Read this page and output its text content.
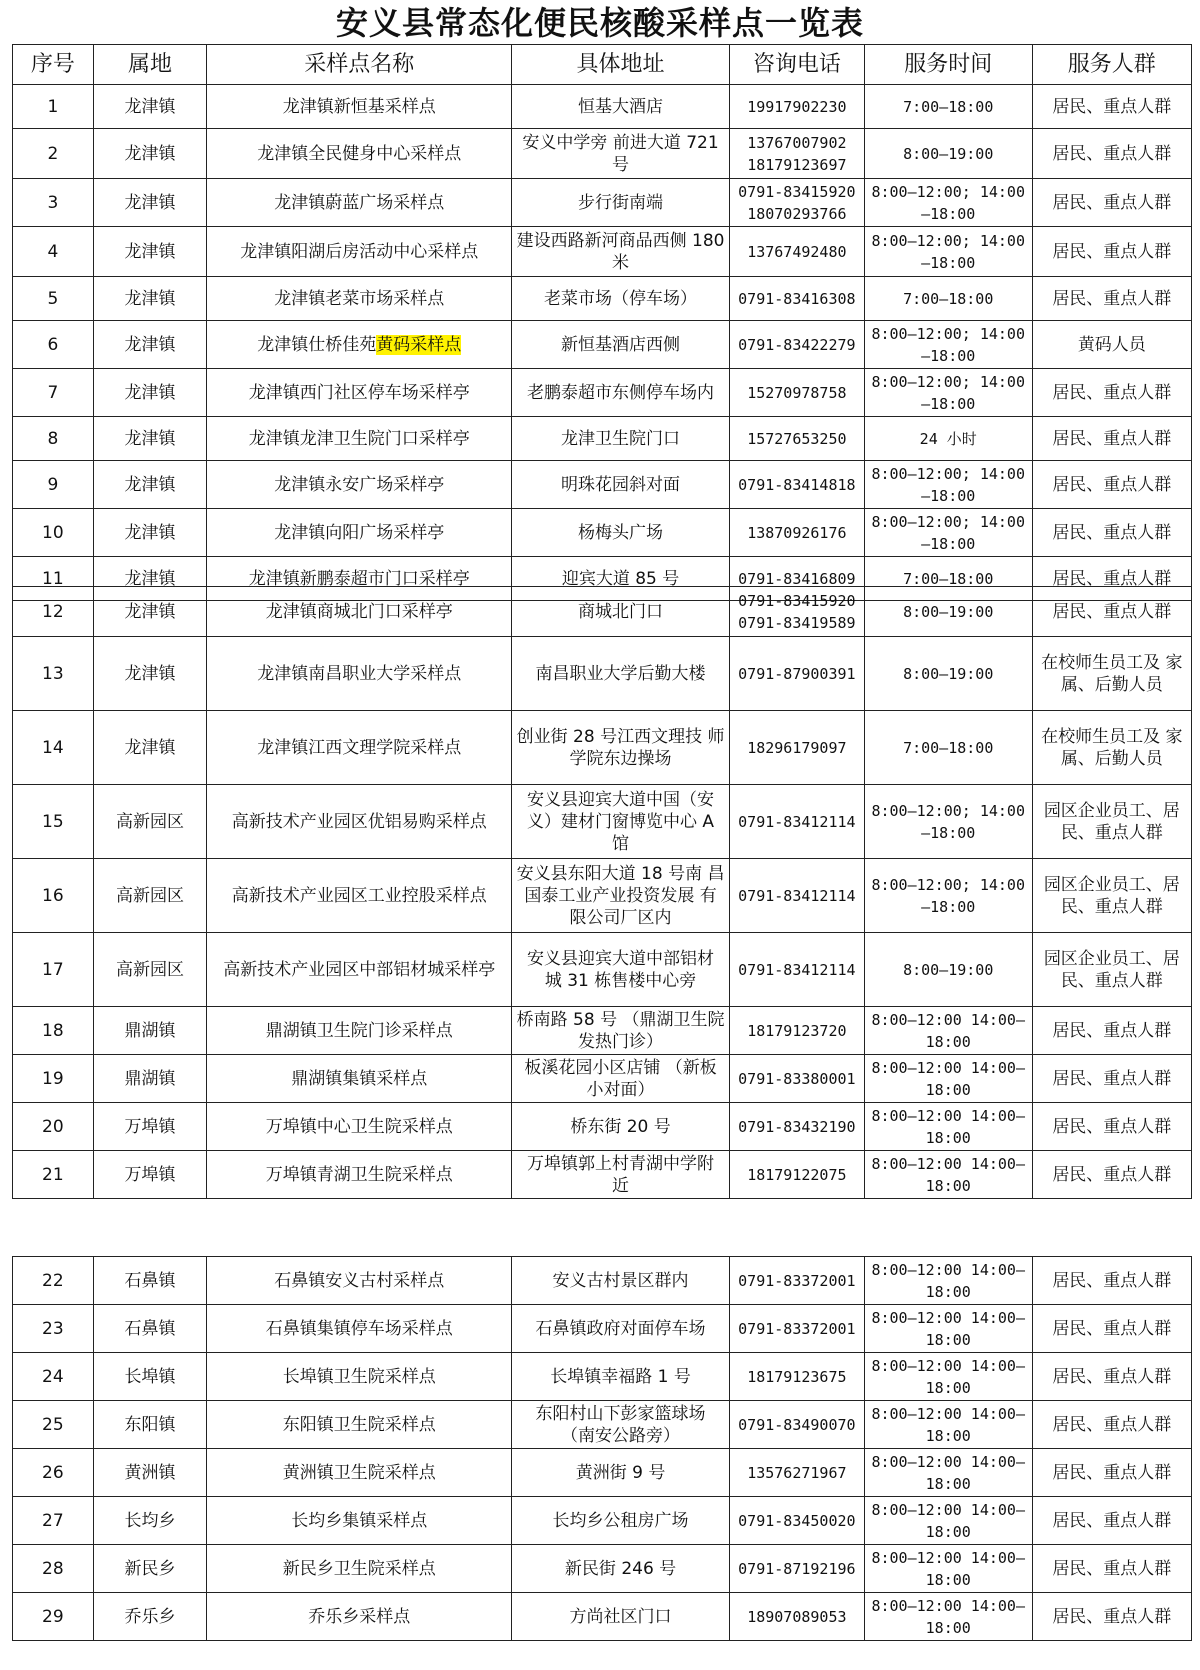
安义县常态化便民核酸采样点一览表
序号	属地	采样点名称	具体地址	咨询电话	服务时间	服务人群
1	龙津镇	龙津镇新恒基采样点	恒基大酒店	19917902230	7:00—18:00	居民、重点人群
2	龙津镇	龙津镇全民健身中心采样点	安义中学旁 前进大道 721 号	13767007902 18179123697	8:00—19:00	居民、重点人群
3	龙津镇	龙津镇蔚蓝广场采样点	步行街南端	0791-83415920 18070293766	8:00—12:00; 14:00—18:00	居民、重点人群
4	龙津镇	龙津镇阳湖后房活动中心采样点	建设西路新河商品西侧 180米	13767492480	8:00—12:00; 14:00—18:00	居民、重点人群
5	龙津镇	龙津镇老菜市场采样点	老菜市场（停车场）	0791-83416308	7:00—18:00	居民、重点人群
6	龙津镇	龙津镇仕桥佳苑黄码采样点	新恒基酒店西侧	0791-83422279	8:00—12:00; 14:00—18:00	黄码人员
7	龙津镇	龙津镇西门社区停车场采样亭	老鹏泰超市东侧停车场内	15270978758	8:00—12:00; 14:00—18:00	居民、重点人群
8	龙津镇	龙津镇龙津卫生院门口采样亭	龙津卫生院门口	15727653250	24 小时	居民、重点人群
9	龙津镇	龙津镇永安广场采样亭	明珠花园斜对面	0791-83414818	8:00—12:00; 14:00—18:00	居民、重点人群
10	龙津镇	龙津镇向阳广场采样亭	杨梅头广场	13870926176	8:00—12:00; 14:00—18:00	居民、重点人群
11	龙津镇	龙津镇新鹏泰超市门口采样亭	迎宾大道 85 号	0791-83416809	7:00—18:00	居民、重点人群
12	龙津镇	龙津镇商城北门口采样亭	商城北门口	0791-83415920 0791-83419589	8:00—19:00	居民、重点人群
13	龙津镇	龙津镇南昌职业大学采样点	南昌职业大学后勤大楼	0791-87900391	8:00—19:00	在校师生员工及 家属、后勤人员
14	龙津镇	龙津镇江西文理学院采样点	创业街 28 号江西文理技 师学院东边操场	18296179097	7:00—18:00	在校师生员工及 家属、后勤人员
15	高新园区	高新技术产业园区优铝易购采样点	安义县迎宾大道中国（安 义）建材门窗博览中心 A 馆	0791-83412114	8:00—12:00; 14:00—18:00	园区企业员工、居 民、重点人群
16	高新园区	高新技术产业园区工业控股采样点	安义县东阳大道 18 号南 昌国泰工业产业投资发展 有限公司厂区内	0791-83412114	8:00—12:00; 14:00—18:00	园区企业员工、居 民、重点人群
17	高新园区	高新技术产业园区中部铝材城采样亭	安义县迎宾大道中部铝材 城 31 栋售楼中心旁	0791-83412114	8:00—19:00	园区企业员工、居 民、重点人群
18	鼎湖镇	鼎湖镇卫生院门诊采样点	桥南路 58 号 （鼎湖卫生院发热门诊）	18179123720	8:00—12:00 14:00—18:00	居民、重点人群
19	鼎湖镇	鼎湖镇集镇采样点	板溪花园小区店铺 （新板小对面）	0791-83380001	8:00—12:00 14:00—18:00	居民、重点人群
20	万埠镇	万埠镇中心卫生院采样点	桥东街 20 号	0791-83432190	8:00—12:00 14:00—18:00	居民、重点人群
21	万埠镇	万埠镇青湖卫生院采样点	万埠镇郭上村青湖中学附 近	18179122075	8:00—12:00 14:00—18:00	居民、重点人群
22	石鼻镇	石鼻镇安义古村采样点	安义古村景区群内	0791-83372001	8:00—12:00 14:00—18:00	居民、重点人群
23	石鼻镇	石鼻镇集镇停车场采样点	石鼻镇政府对面停车场	0791-83372001	8:00—12:00 14:00—18:00	居民、重点人群
24	长埠镇	长埠镇卫生院采样点	长埠镇幸福路 1 号	18179123675	8:00—12:00 14:00—18:00	居民、重点人群
25	东阳镇	东阳镇卫生院采样点	东阳村山下彭家篮球场 （南安公路旁）	0791-83490070	8:00—12:00 14:00—18:00	居民、重点人群
26	黄洲镇	黄洲镇卫生院采样点	黄洲街 9 号	13576271967	8:00—12:00 14:00—18:00	居民、重点人群
27	长均乡	长均乡集镇采样点	长均乡公租房广场	0791-83450020	8:00—12:00 14:00—18:00	居民、重点人群
28	新民乡	新民乡卫生院采样点	新民街 246 号	0791-87192196	8:00—12:00 14:00—18:00	居民、重点人群
29	乔乐乡	乔乐乡采样点	方尚社区门口	18907089053	8:00—12:00 14:00—18:00	居民、重点人群
